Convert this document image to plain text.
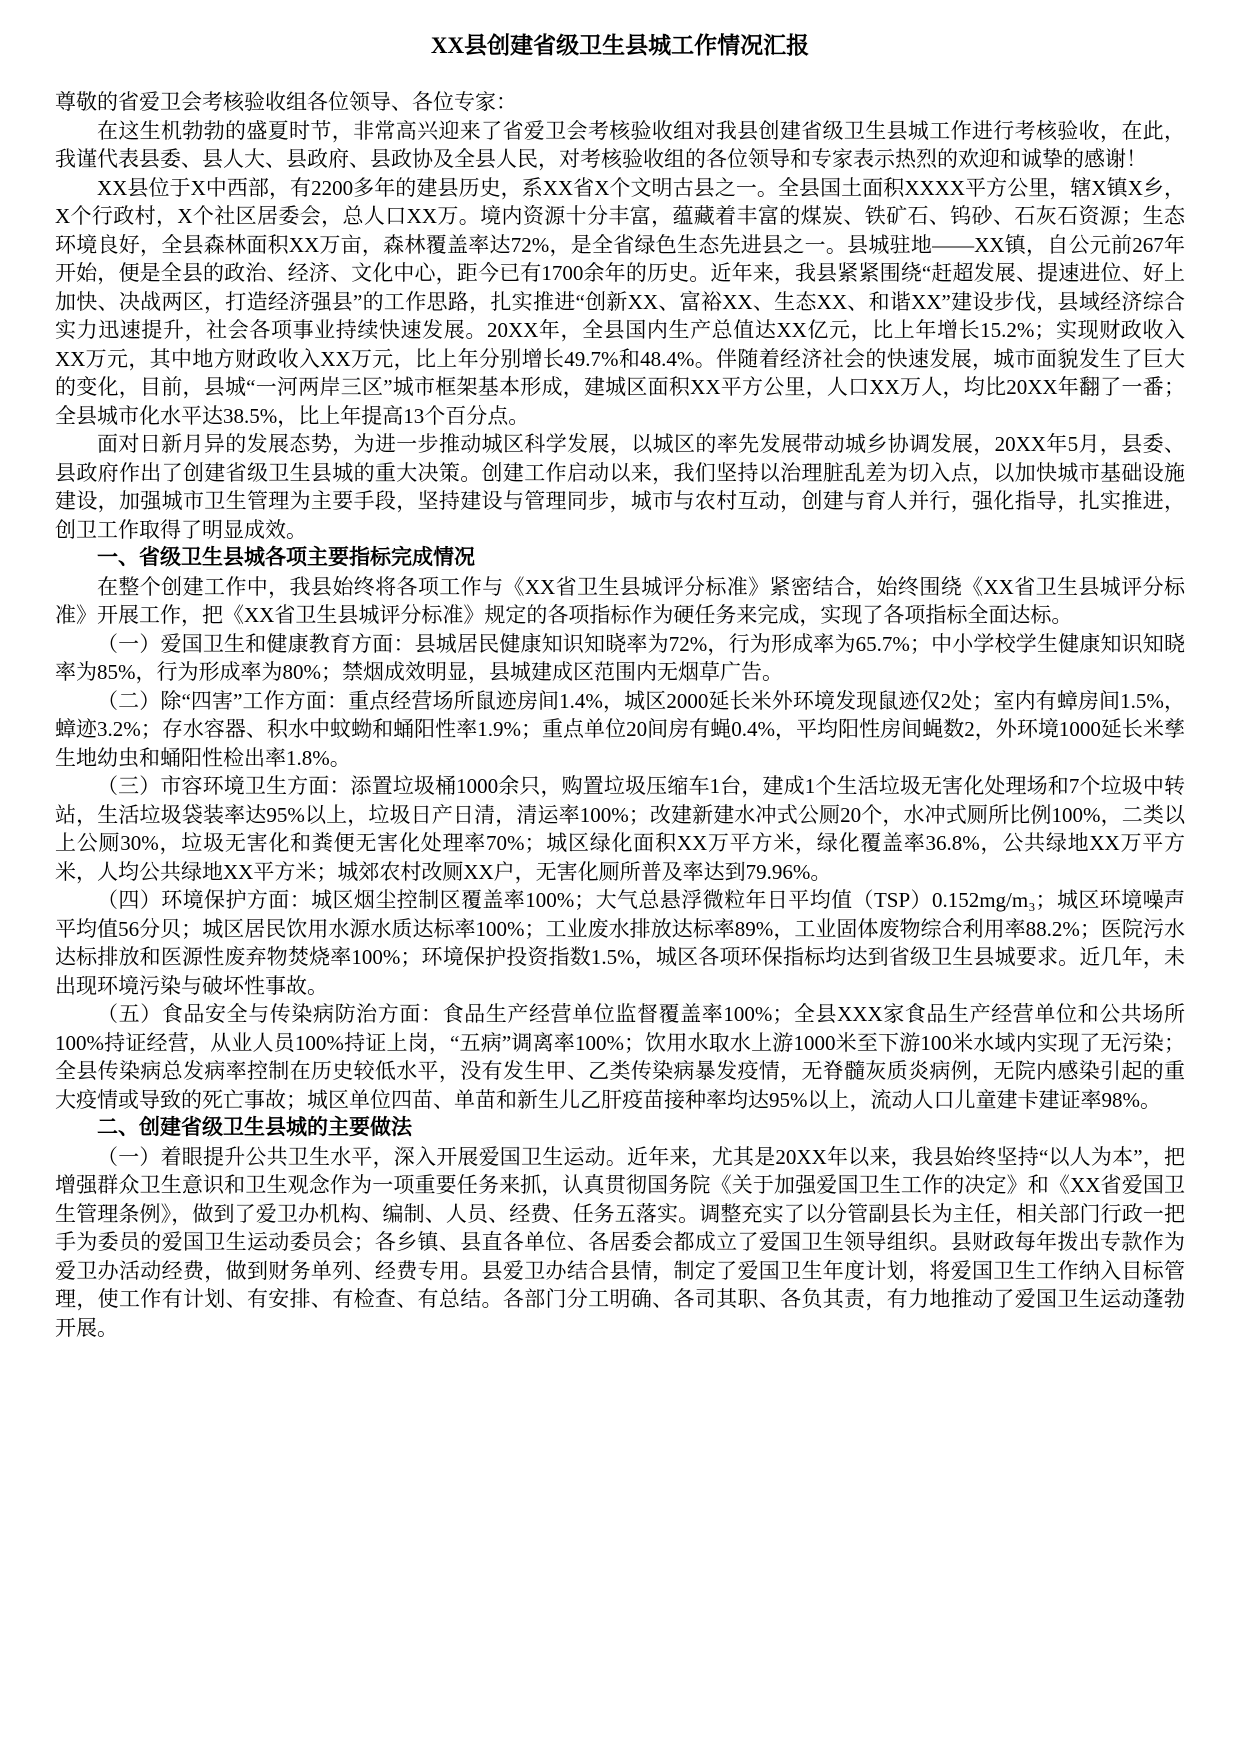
XX县创建省级卫生县城工作情况汇报

尊敬的省爱卫会考核验收组各位领导、各位专家：

在这生机勃勃的盛夏时节，非常高兴迎来了省爱卫会考核验收组对我县创建省级卫生县城工作进行考核验收，在此，我谨代表县委、县人大、县政府、县政协及全县人民，对考核验收组的各位领导和专家表示热烈的欢迎和诚挚的感谢！

XX县位于X中西部，有2200多年的建县历史，系XX省X个文明古县之一。全县国土面积XXXX平方公里，辖X镇X乡，X个行政村，X个社区居委会，总人口XX万。境内资源十分丰富，蕴藏着丰富的煤炭、铁矿石、钨砂、石灰石资源；生态环境良好，全县森林面积XX万亩，森林覆盖率达72%，是全省绿色生态先进县之一。县城驻地——XX镇，自公元前267年开始，便是全县的政治、经济、文化中心，距今已有1700余年的历史。近年来，我县紧紧围绕“赶超发展、提速进位、好上加快、决战两区，打造经济强县”的工作思路，扎实推进“创新XX、富裕XX、生态XX、和谐XX”建设步伐，县域经济综合实力迅速提升，社会各项事业持续快速发展。20XX年，全县国内生产总值达XX亿元，比上年增长15.2%；实现财政收入XX万元，其中地方财政收入XX万元，比上年分别增长49.7%和48.4%。伴随着经济社会的快速发展，城市面貌发生了巨大的变化，目前，县城“一河两岸三区”城市框架基本形成，建城区面积XX平方公里，人口XX万人，均比20XX年翻了一番；全县城市化水平达38.5%，比上年提高13个百分点。

面对日新月异的发展态势，为进一步推动城区科学发展，以城区的率先发展带动城乡协调发展，20XX年5月，县委、县政府作出了创建省级卫生县城的重大决策。创建工作启动以来，我们坚持以治理脏乱差为切入点，以加快城市基础设施建设，加强城市卫生管理为主要手段，坚持建设与管理同步，城市与农村互动，创建与育人并行，强化指导，扎实推进，创卫工作取得了明显成效。

一、省级卫生县城各项主要指标完成情况

在整个创建工作中，我县始终将各项工作与《XX省卫生县城评分标准》紧密结合，始终围绕《XX省卫生县城评分标准》开展工作，把《XX省卫生县城评分标准》规定的各项指标作为硬任务来完成，实现了各项指标全面达标。

（一）爱国卫生和健康教育方面：县城居民健康知识知晓率为72%，行为形成率为65.7%；中小学校学生健康知识知晓率为85%，行为形成率为80%；禁烟成效明显，县城建成区范围内无烟草广告。

（二）除“四害”工作方面：重点经营场所鼠迹房间1.4%，城区2000延长米外环境发现鼠迹仅2处；室内有蟑房间1.5%，蟑迹3.2%；存水容器、积水中蚊蚴和蛹阳性率1.9%；重点单位20间房有蝇0.4%，平均阳性房间蝇数2，外环境1000延长米孳生地幼虫和蛹阳性检出率1.8%。

（三）市容环境卫生方面：添置垃圾桶1000余只，购置垃圾压缩车1台，建成1个生活垃圾无害化处理场和7个垃圾中转站，生活垃圾袋装率达95%以上，垃圾日产日清，清运率100%；改建新建水冲式公厕20个，水冲式厕所比例100%，二类以上公厕30%，垃圾无害化和粪便无害化处理率70%；城区绿化面积XX万平方米，绿化覆盖率36.8%，公共绿地XX万平方米，人均公共绿地XX平方米；城郊农村改厕XX户，无害化厕所普及率达到79.96%。

（四）环境保护方面：城区烟尘控制区覆盖率100%；大气总悬浮微粒年日平均值（TSP）0.152mg/m₃；城区环境噪声平均值56分贝；城区居民饮用水源水质达标率100%；工业废水排放达标率89%，工业固体废物综合利用率88.2%；医院污水达标排放和医源性废弃物焚烧率100%；环境保护投资指数1.5%，城区各项环保指标均达到省级卫生县城要求。近几年，未出现环境污染与破坏性事故。

（五）食品安全与传染病防治方面：食品生产经营单位监督覆盖率100%；全县XXX家食品生产经营单位和公共场所100%持证经营，从业人员100%持证上岗，“五病”调离率100%；饮用水取水上游1000米至下游100米水域内实现了无污染；全县传染病总发病率控制在历史较低水平，没有发生甲、乙类传染病暴发疫情，无脊髓灰质炎病例，无院内感染引起的重大疫情或导致的死亡事故；城区单位四苗、单苗和新生儿乙肝疫苗接种率均达95%以上，流动人口儿童建卡建证率98%。

二、创建省级卫生县城的主要做法

（一）着眼提升公共卫生水平，深入开展爱国卫生运动。近年来，尤其是20XX年以来，我县始终坚持“以人为本”，把增强群众卫生意识和卫生观念作为一项重要任务来抓，认真贯彻国务院《关于加强爱国卫生工作的决定》和《XX省爱国卫生管理条例》，做到了爱卫办机构、编制、人员、经费、任务五落实。调整充实了以分管副县长为主任，相关部门行政一把手为委员的爱国卫生运动委员会；各乡镇、县直各单位、各居委会都成立了爱国卫生领导组织。县财政每年拨出专款作为爱卫办活动经费，做到财务单列、经费专用。县爱卫办结合县情，制定了爱国卫生年度计划，将爱国卫生工作纳入目标管理，使工作有计划、有安排、有检查、有总结。各部门分工明确、各司其职、各负其责，有力地推动了爱国卫生运动蓬勃开展。
